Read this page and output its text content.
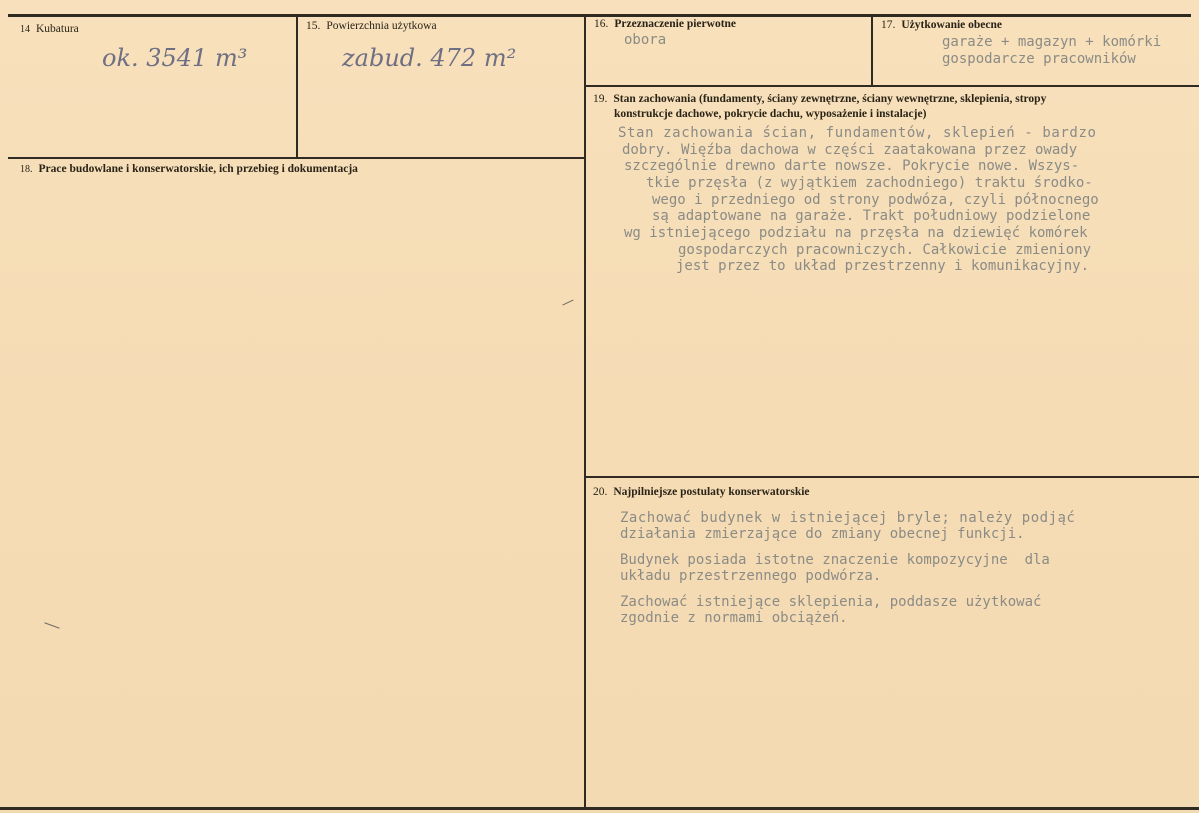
14 Kubatura
ok. 3541 m³
15. Powierzchnia użytkowa
zabud. 472 m²
16. Przeznaczenie pierwotne
obora
17. Użytkowanie obecne
garaże + magazyn + komórki
gospodarcze pracowników
18. Prace budowlane i konserwatorskie, ich przebieg i dokumentacja
19. Stan zachowania (fundamenty, ściany zewnętrzne, ściany wewnętrzne, sklepienia, stropy
konstrukcje dachowe, pokrycie dachu, wyposażenie i instalacje)
Stan zachowania ścian, fundamentów, sklepień - bardzo
dobry. Więźba dachowa w części zaatakowana przez owady
szczególnie drewno darte nowsze. Pokrycie nowe. Wszys-
tkie przęsła (z wyjątkiem zachodniego) traktu środko-
wego i przedniego od strony podwóza, czyli północnego
są adaptowane na garaże. Trakt południowy podzielone
wg istniejącego podziału na przęsła na dziewięć komórek
gospodarczych pracowniczych. Całkowicie zmieniony
jest przez to układ przestrzenny i komunikacyjny.
20. Najpilniejsze postulaty konserwatorskie
Zachować budynek w istniejącej bryle; należy podjąć
działania zmierzające do zmiany obecnej funkcji.
Budynek posiada istotne znaczenie kompozycyjne  dla
układu przestrzennego podwórza.
Zachować istniejące sklepienia, poddasze użytkować
zgodnie z normami obciążeń.
